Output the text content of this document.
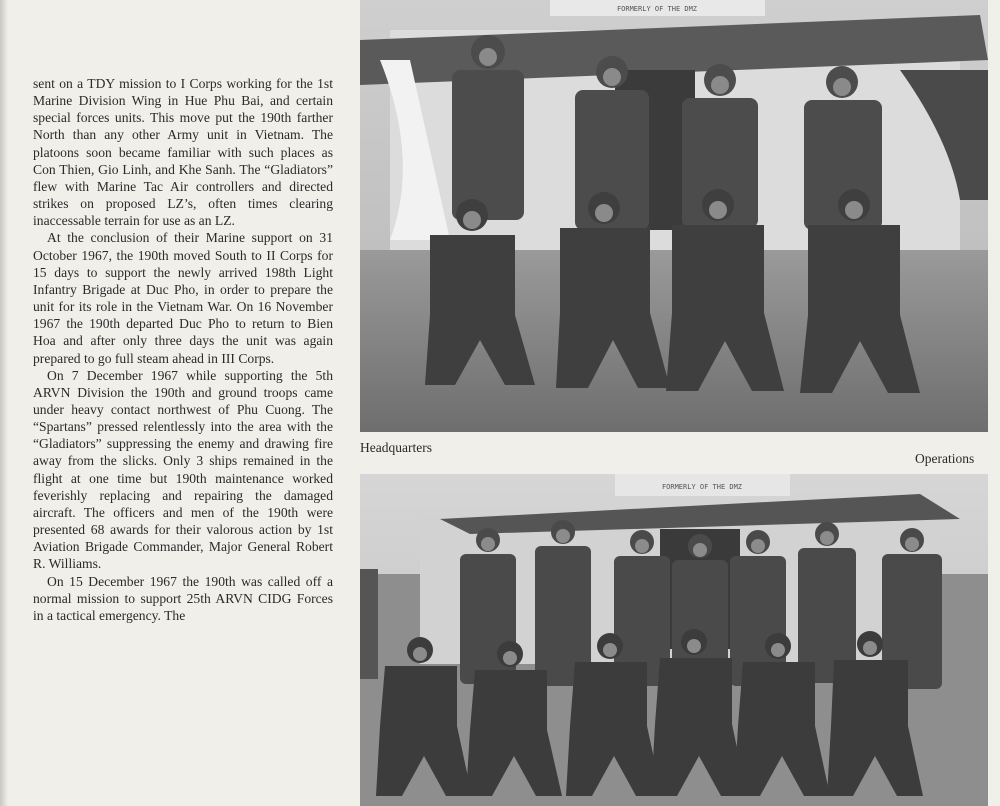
sent on a TDY mission to I Corps working for the 1st Marine Division Wing in Hue Phu Bai, and certain special forces units. This move put the 190th farther North than any other Army unit in Vietnam. The platoons soon became familiar with such places as Con Thien, Gio Linh, and Khe Sanh. The “Gladiators” flew with Marine Tac Air controllers and directed strikes on proposed LZ’s, often times clearing inaccessable terrain for use as an LZ.

At the conclusion of their Marine support on 31 October 1967, the 190th moved South to II Corps for 15 days to support the newly arrived 198th Light Infantry Brigade at Duc Pho, in order to prepare the unit for its role in the Vietnam War. On 16 November 1967 the 190th departed Duc Pho to return to Bien Hoa and after only three days the unit was again prepared to go full steam ahead in III Corps.

On 7 December 1967 while supporting the 5th ARVN Division the 190th and ground troops came under heavy contact northwest of Phu Cuong. The “Spartans” pressed relentlessly into the area with the “Gladiators” suppressing the enemy and drawing fire away from the slicks. Only 3 ships remained in the flight at one time but 190th maintenance worked feverishly replacing and repairing the damaged aircraft. The officers and men of the 190th were presented 68 awards for their valorous action by 1st Aviation Brigade Commander, Major General Robert R. Williams.

On 15 December 1967 the 190th was called off a normal mission to support 25th ARVN CIDG Forces in a tactical emergency. The

FORMERLY OF THE DMZ
Headquarters
Operations
FORMERLY OF THE DMZ
